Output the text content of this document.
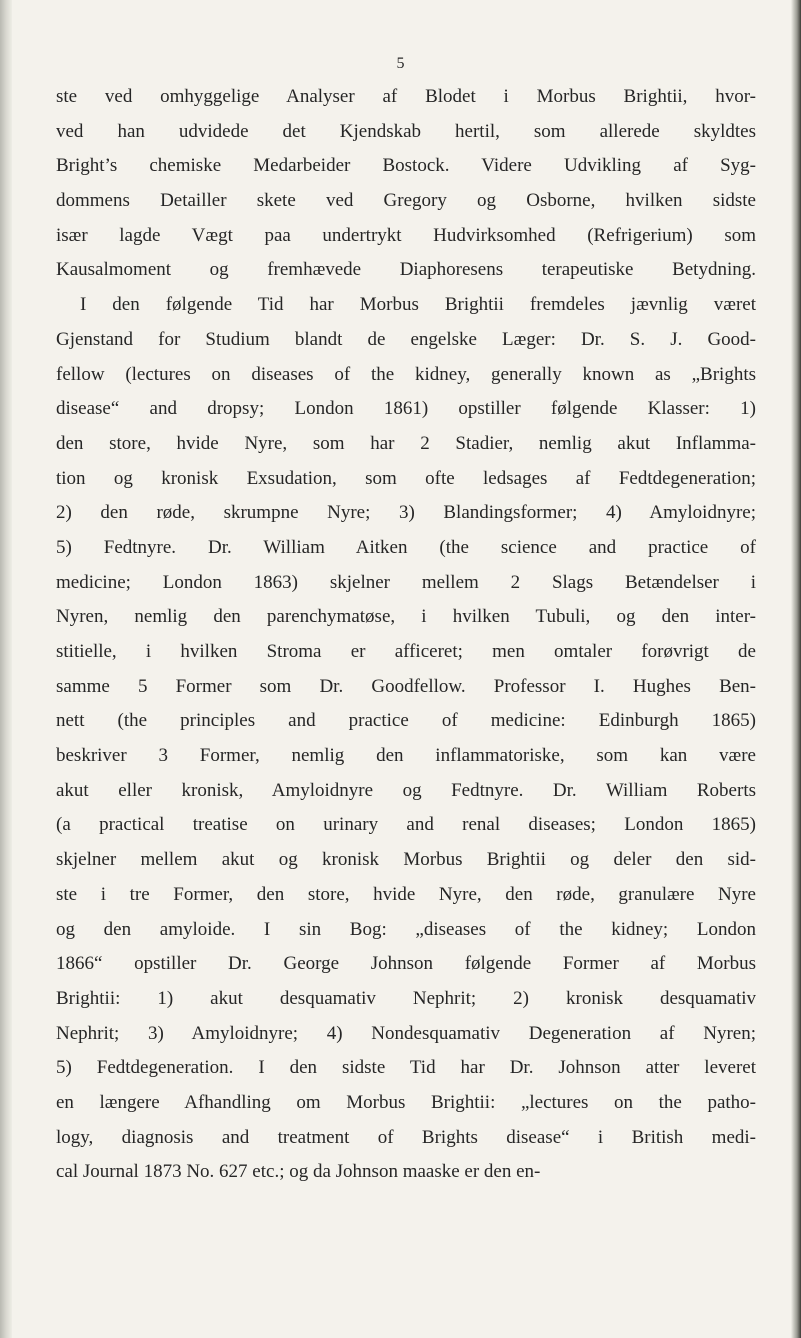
5
ste ved omhyggelige Analyser af Blodet i Morbus Brightii, hvor-
ved han udvidede det Kjendskab hertil, som allerede skyldtes
Bright’s chemiske Medarbeider Bostock. Videre Udvikling af Syg-
dommens Detailler skete ved Gregory og Osborne, hvilken sidste
især lagde Vægt paa undertrykt Hudvirksomhed (Refrigerium) som
Kausalmoment og fremhævede Diaphoresens terapeutiske Betydning.
I den følgende Tid har Morbus Brightii fremdeles jævnlig været
Gjenstand for Studium blandt de engelske Læger: Dr. S. J. Good-
fellow (lectures on diseases of the kidney, generally known as „Brights
disease“ and dropsy; London 1861) opstiller følgende Klasser: 1)
den store, hvide Nyre, som har 2 Stadier, nemlig akut Inflamma-
tion og kronisk Exsudation, som ofte ledsages af Fedtdegeneration;
2) den røde, skrumpne Nyre; 3) Blandingsformer; 4) Amyloidnyre;
5) Fedtnyre. Dr. William Aitken (the science and practice of
medicine; London 1863) skjelner mellem 2 Slags Betændelser i
Nyren, nemlig den parenchymatøse, i hvilken Tubuli, og den inter-
stitielle, i hvilken Stroma er afficeret; men omtaler forøvrigt de
samme 5 Former som Dr. Goodfellow. Professor I. Hughes Ben-
nett (the principles and practice of medicine: Edinburgh 1865)
beskriver 3 Former, nemlig den inflammatoriske, som kan være
akut eller kronisk, Amyloidnyre og Fedtnyre. Dr. William Roberts
(a practical treatise on urinary and renal diseases; London 1865)
skjelner mellem akut og kronisk Morbus Brightii og deler den sid-
ste i tre Former, den store, hvide Nyre, den røde, granulære Nyre
og den amyloide. I sin Bog: „diseases of the kidney; London
1866“ opstiller Dr. George Johnson følgende Former af Morbus
Brightii: 1) akut desquamativ Nephrit; 2) kronisk desquamativ
Nephrit; 3) Amyloidnyre; 4) Nondesquamativ Degeneration af Nyren;
5) Fedtdegeneration. I den sidste Tid har Dr. Johnson atter leveret
en længere Afhandling om Morbus Brightii: „lectures on the patho-
logy, diagnosis and treatment of Brights disease“ i British medi-
cal Journal 1873 No. 627 etc.; og da Johnson maaske er den en-
